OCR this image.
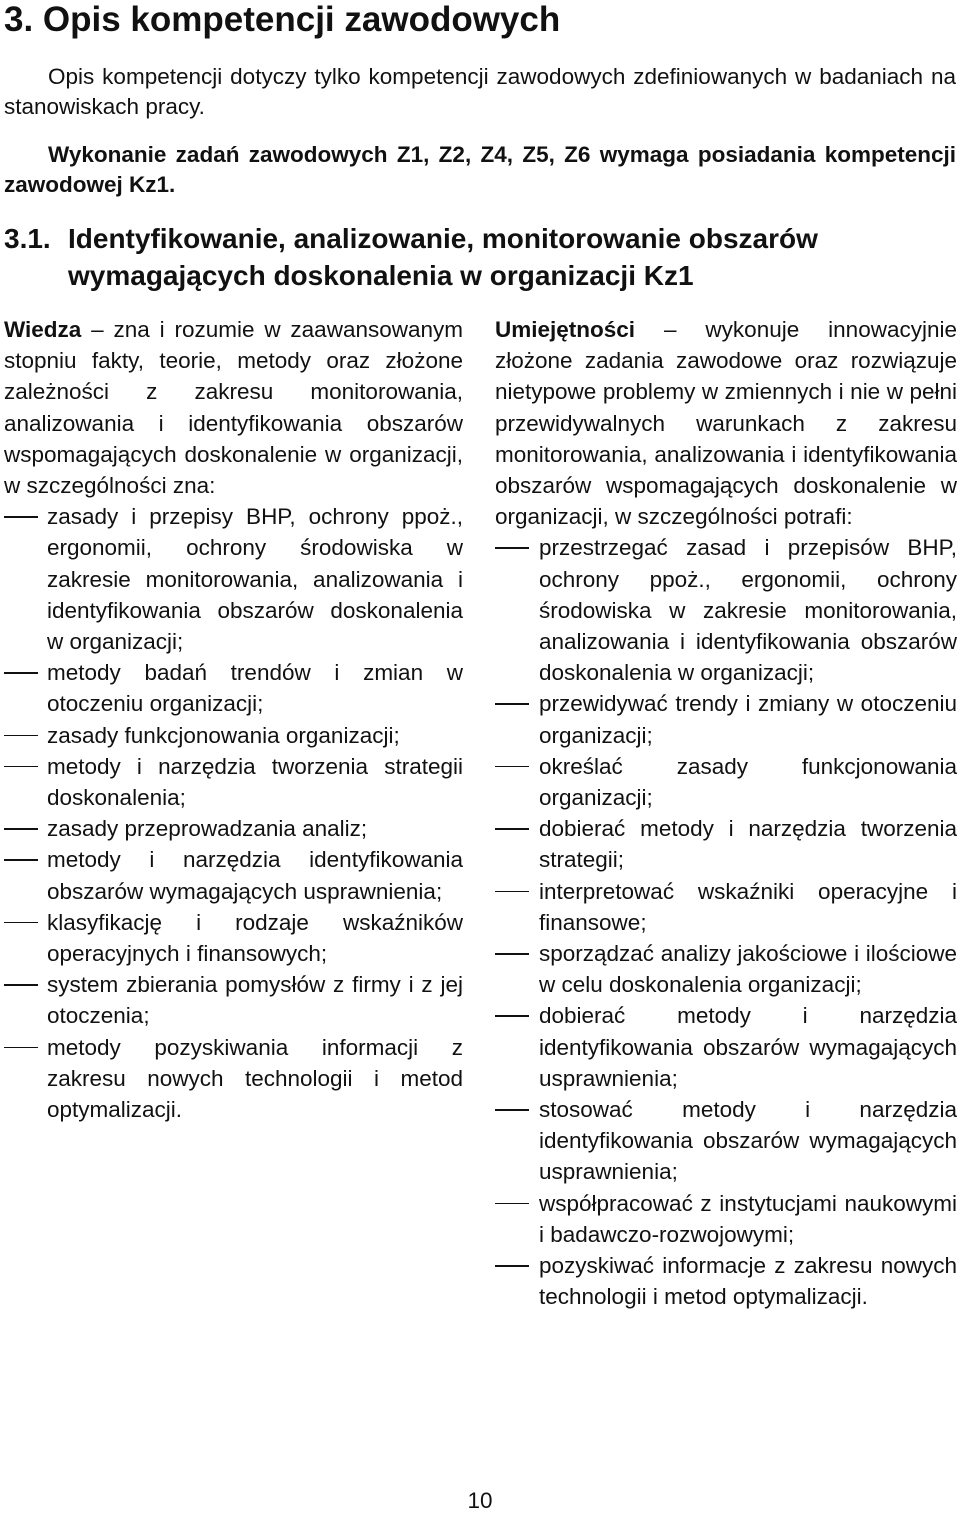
3. Opis kompetencji zawodowych

Opis kompetencji dotyczy tylko kompetencji zawodowych zdefiniowanych w badaniach na stanowiskach pracy.

Wykonanie zadań zawodowych Z1, Z2, Z4, Z5, Z6 wymaga posiadania kompetencji zawodowej Kz1.

3.1. Identyfikowanie, analizowanie, monitorowanie obszarów wymagających doskonalenia w organizacji Kz1

Wiedza – zna i rozumie w zaawansowanym stopniu fakty, teorie, metody oraz złożone zależności z zakresu monitorowania, analizowania i identyfikowania obszarów wspomagających doskonalenie w organizacji, w szczególności zna:

zasady i przepisy BHP, ochrony ppoż., ergonomii, ochrony środowiska w zakresie monitorowania, analizowania i identyfikowania obszarów doskonalenia w organizacji;
metody badań trendów i zmian w otoczeniu organizacji;
zasady funkcjonowania organizacji;
metody i narzędzia tworzenia strategii doskonalenia;
zasady przeprowadzania analiz;
metody i narzędzia identyfikowania obszarów wymagających usprawnienia;
klasyfikację i rodzaje wskaźników operacyjnych i finansowych;
system zbierania pomysłów z firmy i z jej otoczenia;
metody pozyskiwania informacji z zakresu nowych technologii i metod optymalizacji.

Umiejętności – wykonuje innowacyjnie złożone zadania zawodowe oraz rozwiązuje nietypowe problemy w zmiennych i nie w pełni przewidywalnych warunkach z zakresu monitorowania, analizowania i identyfikowania obszarów wspomagających doskonalenie w organizacji, w szczególności potrafi:

przestrzegać zasad i przepisów BHP, ochrony ppoż., ergonomii, ochrony środowiska w zakresie monitorowania, analizowania i identyfikowania obszarów doskonalenia w organizacji;
przewidywać trendy i zmiany w otoczeniu organizacji;
określać zasady funkcjonowania organizacji;
dobierać metody i narzędzia tworzenia strategii;
interpretować wskaźniki operacyjne i finansowe;
sporządzać analizy jakościowe i ilościowe w celu doskonalenia organizacji;
dobierać metody i narzędzia identyfikowania obszarów wymagających usprawnienia;
stosować metody i narzędzia identyfikowania obszarów wymagających usprawnienia;
współpracować z instytucjami naukowymi i badawczo-rozwojowymi;
pozyskiwać informacje z zakresu nowych technologii i metod optymalizacji.
10
